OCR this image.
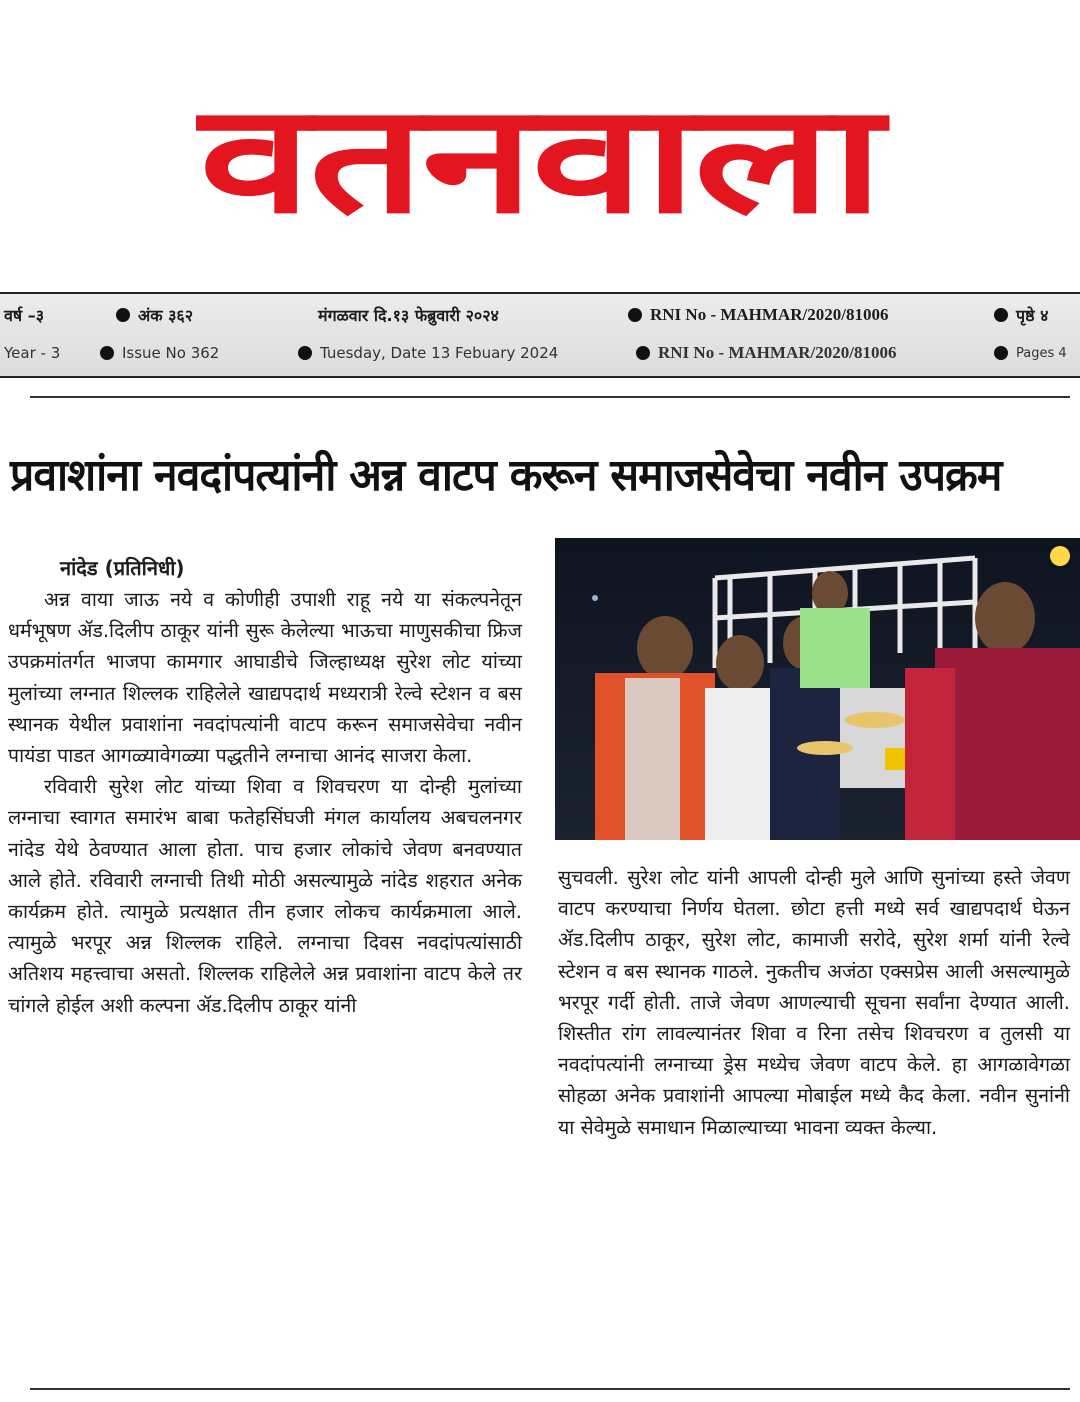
वतनवाला
वर्ष –३	अंक ३६२	मंगळवार दि.१३ फेब्रुवारी २०२४	RNI No - MAHMAR/2020/81006	पृष्ठे ४
Year - 3	Issue No 362	Tuesday, Date 13 Febuary 2024	RNI No - MAHMAR/2020/81006	Pages 4
प्रवाशांना नवदांपत्यांनी अन्न वाटप करून समाजसेवेचा नवीन उपक्रम
नांदेड (प्रतिनिधी)

अन्न वाया जाऊ नये व कोणीही उपाशी राहू नये या संकल्पनेतून धर्मभूषण ॲड.दिलीप ठाकूर यांनी सुरू केलेल्या भाऊचा माणुसकीचा फ्रिज उपक्रमांतर्गत भाजपा कामगार आघाडीचे जिल्हाध्यक्ष सुरेश लोट यांच्या मुलांच्या लग्नात शिल्लक राहिलेले खाद्यपदार्थ मध्यरात्री रेल्वे स्टेशन व बस स्थानक येथील प्रवाशांना नवदांपत्यांनी वाटप करून समाजसेवेचा नवीन पायंडा पाडत आगळ्यावेगळ्या पद्धतीने लग्नाचा आनंद साजरा केला.

रविवारी सुरेश लोट यांच्या शिवा व शिवचरण या दोन्ही मुलांच्या लग्नाचा स्वागत समारंभ बाबा फतेहसिंघजी मंगल कार्यालय अबचलनगर नांदेड येथे ठेवण्यात आला होता. पाच हजार लोकांचे जेवण बनवण्यात आले होते. रविवारी लग्नाची तिथी मोठी असल्यामुळे नांदेड शहरात अनेक कार्यक्रम होते. त्यामुळे प्रत्यक्षात तीन हजार लोकच कार्यक्रमाला आले. त्यामुळे भरपूर अन्न शिल्लक राहिले. लग्नाचा दिवस नवदांपत्यांसाठी अतिशय महत्त्वाचा असतो. शिल्लक राहिलेले अन्न प्रवाशांना वाटप केले तर चांगले होईल अशी कल्पना ॲड.दिलीप ठाकूर यांनी

सुचवली. सुरेश लोट यांनी आपली दोन्ही मुले आणि सुनांच्या हस्ते जेवण वाटप करण्याचा निर्णय घेतला. छोटा हत्ती मध्ये सर्व खाद्यपदार्थ घेऊन ॲड.दिलीप ठाकूर, सुरेश लोट, कामाजी सरोदे, सुरेश शर्मा यांनी रेल्वे स्टेशन व बस स्थानक गाठले. नुकतीच अजंठा एक्सप्रेस आली असल्यामुळे भरपूर गर्दी होती. ताजे जेवण आणल्याची सूचना सर्वांना देण्यात आली. शिस्तीत रांग लावल्यानंतर शिवा व रिना तसेच शिवचरण व तुलसी या नवदांपत्यांनी लग्नाच्या ड्रेस मध्येच जेवण वाटप केले. हा आगळावेगळा सोहळा अनेक प्रवाशांनी आपल्या मोबाईल मध्ये कैद केला. नवीन सुनांनी या सेवेमुळे समाधान मिळाल्याच्या भावना व्यक्त केल्या.
